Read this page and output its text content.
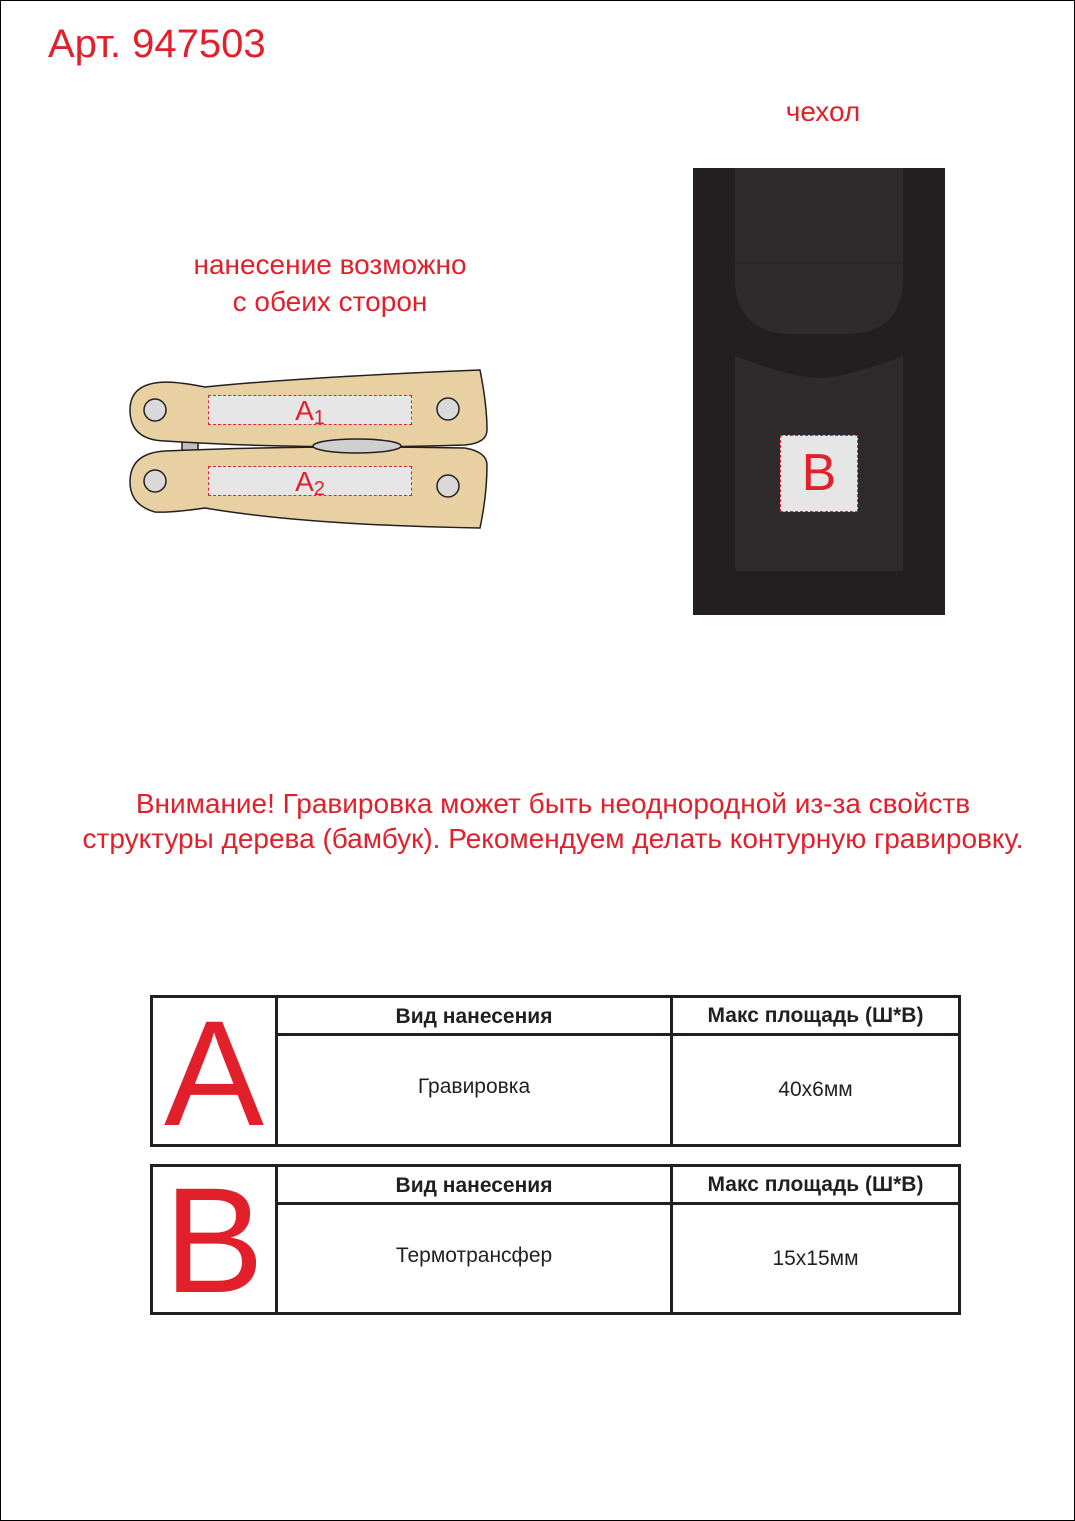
Арт. 947503
чехол
нанесение возможно
с обеих сторон
$A_1$
$A_2$	B
Внимание! Гравировка может быть неоднородной из-за свойств
структуры дерева (бамбук). Рекомендуем делать контурную гравировку.
A	Вид нанесения	Макс площадь (Ш*В)
Гравировка	40x6мм
B	Вид нанесения	Макс площадь (Ш*В)
Термотрансфер	15x15мм
